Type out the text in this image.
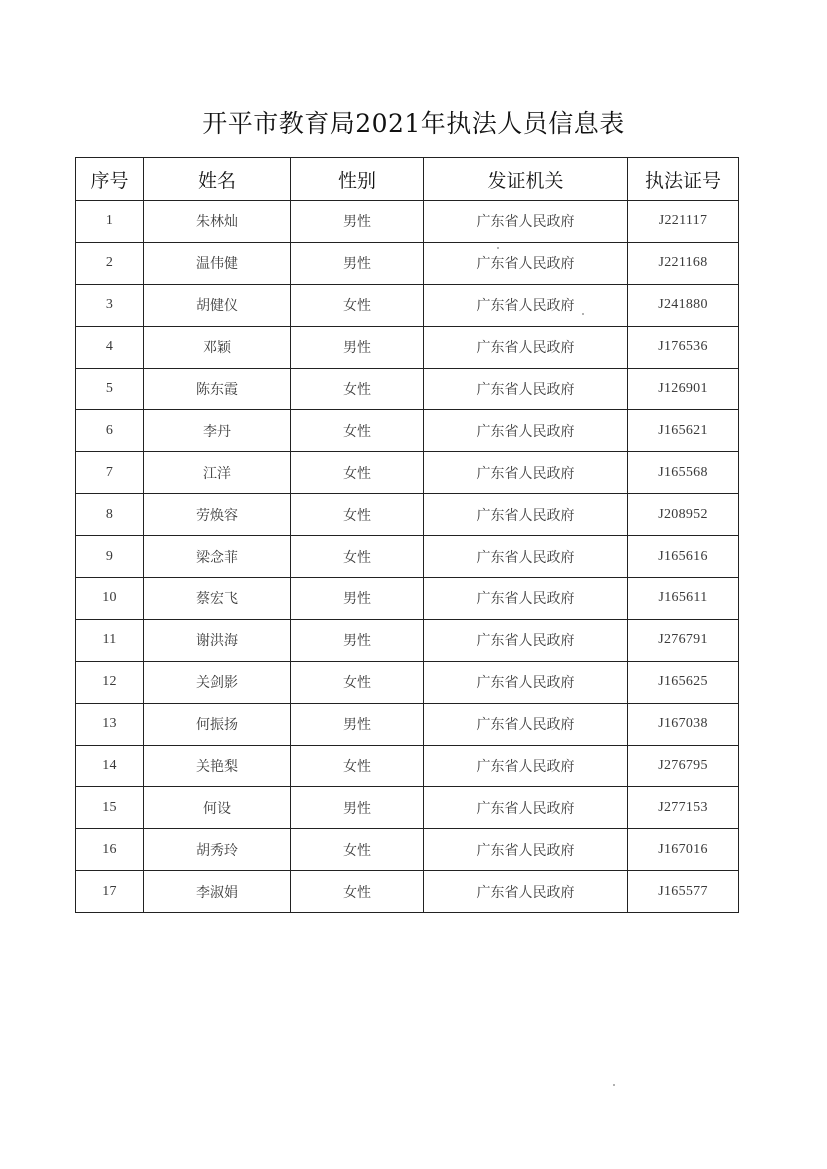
开平市教育局2021年执法人员信息表
序号	姓名	性别	发证机关	执法证号
1	朱林灿	男性	广东省人民政府	J221117
2	温伟健	男性	广东省人民政府	J221168
3	胡健仪	女性	广东省人民政府	J241880
4	邓颖	男性	广东省人民政府	J176536
5	陈东霞	女性	广东省人民政府	J126901
6	李丹	女性	广东省人民政府	J165621
7	江洋	女性	广东省人民政府	J165568
8	劳焕容	女性	广东省人民政府	J208952
9	梁念菲	女性	广东省人民政府	J165616
10	蔡宏飞	男性	广东省人民政府	J165611
11	谢洪海	男性	广东省人民政府	J276791
12	关剑影	女性	广东省人民政府	J165625
13	何振扬	男性	广东省人民政府	J167038
14	关艳梨	女性	广东省人民政府	J276795
15	何设	男性	广东省人民政府	J277153
16	胡秀玲	女性	广东省人民政府	J167016
17	李淑娟	女性	广东省人民政府	J165577
